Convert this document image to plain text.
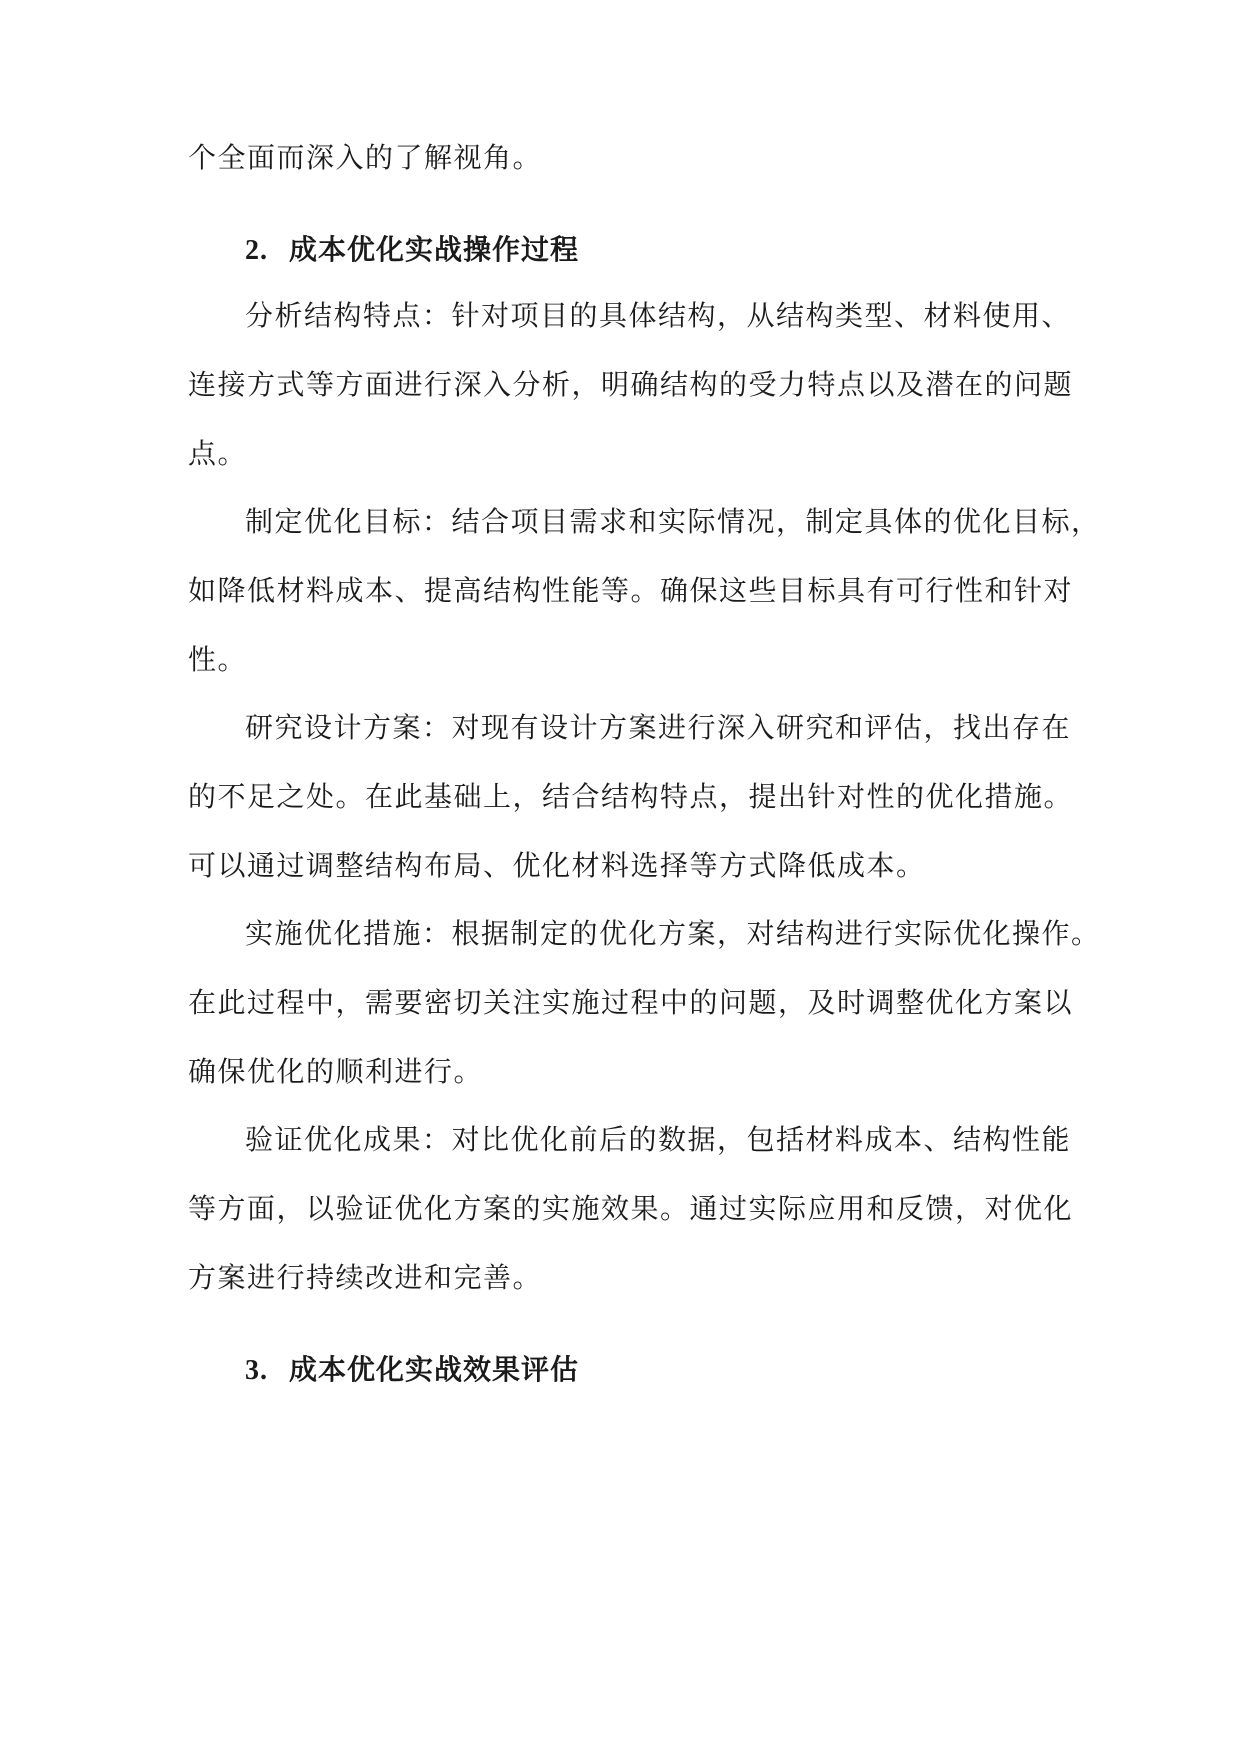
个全面而深入的了解视角。
2. 成本优化实战操作过程
分析结构特点：针对项目的具体结构，从结构类型、材料使用、
连接方式等方面进行深入分析，明确结构的受力特点以及潜在的问题
点。
制定优化目标：结合项目需求和实际情况，制定具体的优化目标，
如降低材料成本、提高结构性能等。确保这些目标具有可行性和针对
性。
研究设计方案：对现有设计方案进行深入研究和评估，找出存在
的不足之处。在此基础上，结合结构特点，提出针对性的优化措施。
可以通过调整结构布局、优化材料选择等方式降低成本。
实施优化措施：根据制定的优化方案，对结构进行实际优化操作。
在此过程中，需要密切关注实施过程中的问题，及时调整优化方案以
确保优化的顺利进行。
验证优化成果：对比优化前后的数据，包括材料成本、结构性能
等方面，以验证优化方案的实施效果。通过实际应用和反馈，对优化
方案进行持续改进和完善。
3. 成本优化实战效果评估
